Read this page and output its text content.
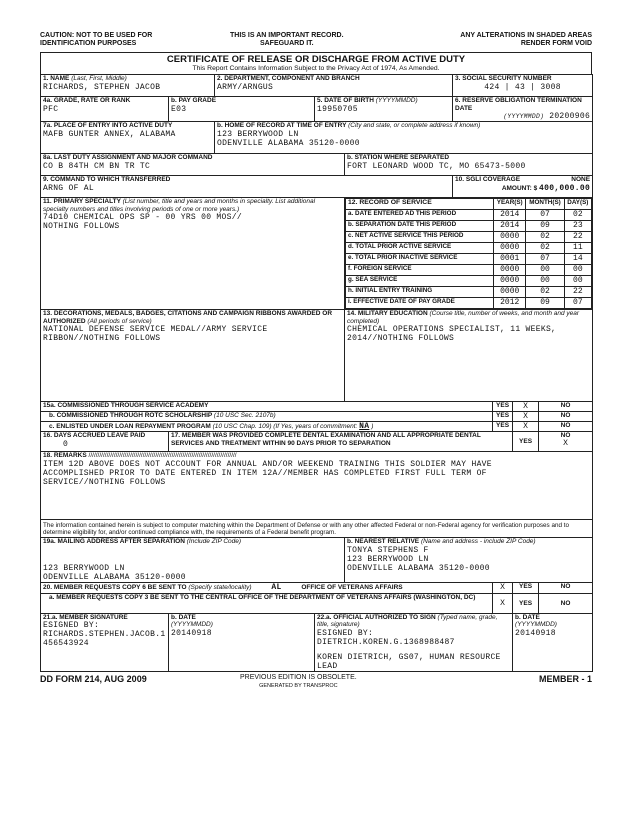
CAUTION: NOT TO BE USED FOR
IDENTIFICATION PURPOSES
THIS IS AN IMPORTANT RECORD.
SAFEGUARD IT.
ANY ALTERATIONS IN SHADED AREAS
RENDER FORM VOID
CERTIFICATE OF RELEASE OR DISCHARGE FROM ACTIVE DUTY
This Report Contains Information Subject to the Privacy Act of 1974, As Amended.
1. NAME (Last, First, Middle)
RICHARDS, STEPHEN JACOB

2. DEPARTMENT, COMPONENT AND BRANCH
ARMY/ARNGUS

3. SOCIAL SECURITY NUMBER
424 | 43 | 3008

4a. GRADE, RATE OR RANK
PFC

b. PAY GRADE
E03

5. DATE OF BIRTH (YYYYMMDD)
19950705

6. RESERVE OBLIGATION TERMINATION DATE
(YYYYMMDD) 20200906

7a. PLACE OF ENTRY INTO ACTIVE DUTY
MAFB GUNTER ANNEX, ALABAMA

b. HOME OF RECORD AT TIME OF ENTRY (City and state, or complete address if known)
123 BERRYWOOD LN
ODENVILLE ALABAMA 35120-0000

8a. LAST DUTY ASSIGNMENT AND MAJOR COMMAND
CO B 84TH CM BN TR TC

b. STATION WHERE SEPARATED
FORT LEONARD WOOD TC, MO 65473-5000

9. COMMAND TO WHICH TRANSFERRED
ARNG OF AL

10. SGLI COVERAGE	NONE
AMOUNT: $ 400,000.00

11. PRIMARY SPECIALTY (List number, title and years and months in specialty. List additional specialty numbers and titles involving periods of one or more years.)
74D10 CHEMICAL OPS SP - 00 YRS 00 MOS//
NOTHING FOLLOWS

12. RECORD OF SERVICE	YEAR(S)	MONTH(S)	DAY(S)
a. DATE ENTERED AD THIS PERIOD	2014	07	02
b. SEPARATION DATE THIS PERIOD	2014	09	23
c. NET ACTIVE SERVICE THIS PERIOD	0000	02	22
d. TOTAL PRIOR ACTIVE SERVICE	0000	02	11
e. TOTAL PRIOR INACTIVE SERVICE	0001	07	14
f. FOREIGN SERVICE	0000	00	00
g. SEA SERVICE	0000	00	00
h. INITIAL ENTRY TRAINING	0000	02	22
i. EFFECTIVE DATE OF PAY GRADE	2012	09	07

13. DECORATIONS, MEDALS, BADGES, CITATIONS AND CAMPAIGN RIBBONS AWARDED OR AUTHORIZED (All periods of service)
NATIONAL DEFENSE SERVICE MEDAL//ARMY SERVICE
RIBBON//NOTHING FOLLOWS

14. MILITARY EDUCATION (Course title, number of weeks, and month and year completed)
CHEMICAL OPERATIONS SPECIALIST, 11 WEEKS,
2014//NOTHING FOLLOWS

15a. COMMISSIONED THROUGH SERVICE ACADEMY	YES	X	NO

b. COMMISSIONED THROUGH ROTC SCHOLARSHIP (10 USC Sec. 2107b)	YES	X	NO

c. ENLISTED UNDER LOAN REPAYMENT PROGRAM (10 USC Chap. 109) (If Yes, years of commitment: NA )	YES	X	NO

16. DAYS ACCRUED LEAVE PAID
0

17. MEMBER WAS PROVIDED COMPLETE DENTAL EXAMINATION AND ALL APPROPRIATE DENTAL SERVICES AND TREATMENT WITHIN 90 DAYS PRIOR TO SEPARATION	YES	
NO
X

18. REMARKS //////////////////////////////////////////////////////////////////////////////////
ITEM 12D ABOVE DOES NOT ACCOUNT FOR ANNUAL AND/OR WEEKEND TRAINING THIS SOLDIER MAY HAVE
ACCOMPLISHED PRIOR TO DATE ENTERED IN ITEM 12A//MEMBER HAS COMPLETED FIRST FULL TERM OF
SERVICE//NOTHING FOLLOWS

The information contained herein is subject to computer matching within the Department of Defense or with any other affected Federal or non-Federal agency for verification purposes and to determine eligibility for, and/or continued compliance with, the requirements of a Federal benefit program.

19a. MAILING ADDRESS AFTER SEPARATION (Include ZIP Code)

123 BERRYWOOD LN
ODENVILLE ALABAMA 35120-0000

b. NEAREST RELATIVE (Name and address - include ZIP Code)
TONYA STEPHENS F
123 BERRYWOOD LN
ODENVILLE ALABAMA 35120-0000

20. MEMBER REQUESTS COPY 6 BE SENT TO (Specify state/locality) AL	OFFICE OF VETERANS AFFAIRS	X	YES	NO

a. MEMBER REQUESTS COPY 3 BE SENT TO THE CENTRAL OFFICE OF THE DEPARTMENT OF VETERANS AFFAIRS (WASHINGTON, DC)
	X	YES	NO

21.a. MEMBER SIGNATURE
ESIGNED BY:
RICHARDS.STEPHEN.JACOB.1
456543924

b. DATE
(YYYYMMDD)
20140918

22.a. OFFICIAL AUTHORIZED TO SIGN (Typed name, grade, title, signature)
ESIGNED BY: DIETRICH.KOREN.G.1368988487
KOREN DIETRICH, GS07, HUMAN RESOURCE LEAD

b. DATE
(YYYYMMDD)
20140918
DD FORM 214, AUG 2009	PREVIOUS EDITION IS OBSOLETE.
GENERATED BY TRANSPROC
MEMBER - 1
